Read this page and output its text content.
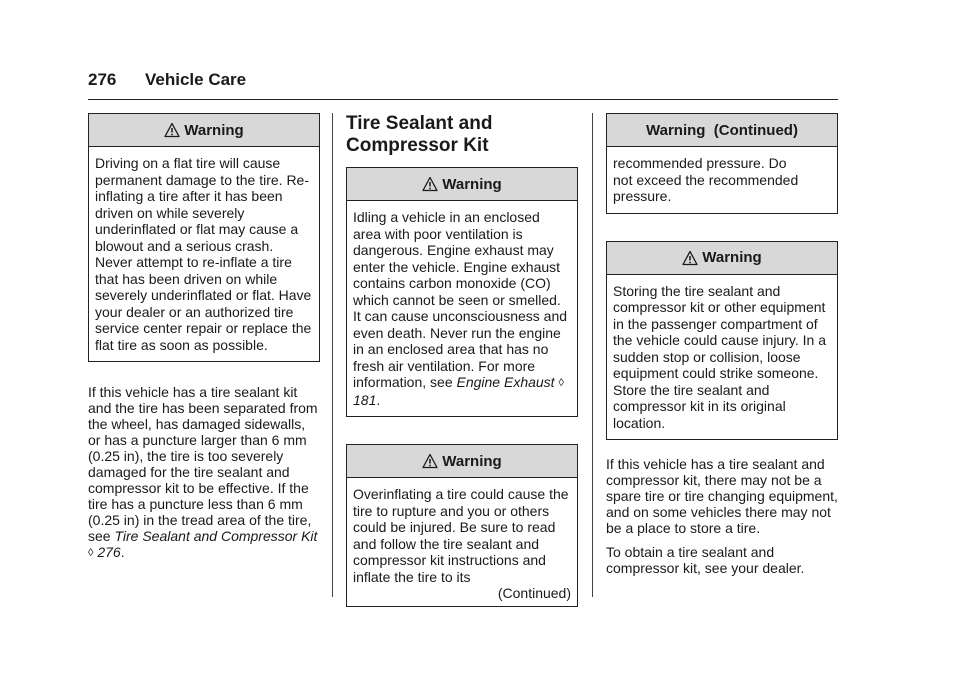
276 Vehicle Care
Warning
Driving on a flat tire will cause permanent damage to the tire. Re-inflating a tire after it has been driven on while severely underinflated or flat may cause a blowout and a serious crash. Never attempt to re-inflate a tire that has been driven on while severely underinflated or flat. Have your dealer or an authorized tire service center repair or replace the flat tire as soon as possible.

If this vehicle has a tire sealant kit and the tire has been separated from the wheel, has damaged sidewalls, or has a puncture larger than 6 mm (0.25 in), the tire is too severely damaged for the tire sealant and compressor kit to be effective. If the tire has a puncture less than 6 mm (0.25 in) in the tread area of the tire, see Tire Sealant and Compressor Kit ◊ 276.

Tire Sealant and Compressor Kit
Warning
Idling a vehicle in an enclosed area with poor ventilation is dangerous. Engine exhaust may enter the vehicle. Engine exhaust contains carbon monoxide (CO) which cannot be seen or smelled. It can cause unconsciousness and even death. Never run the engine in an enclosed area that has no fresh air ventilation. For more information, see Engine Exhaust ◊ 181.
Warning
Overinflating a tire could cause the tire to rupture and you or others could be injured. Be sure to read and follow the tire sealant and compressor kit instructions and inflate the tire to its
(Continued)
Warning  (Continued)
recommended pressure. Do not exceed the recommended pressure.
Warning
Storing the tire sealant and compressor kit or other equipment in the passenger compartment of the vehicle could cause injury. In a sudden stop or collision, loose equipment could strike someone. Store the tire sealant and compressor kit in its original location.

If this vehicle has a tire sealant and compressor kit, there may not be a spare tire or tire changing equipment, and on some vehicles there may not be a place to store a tire.

To obtain a tire sealant and compressor kit, see your dealer.
